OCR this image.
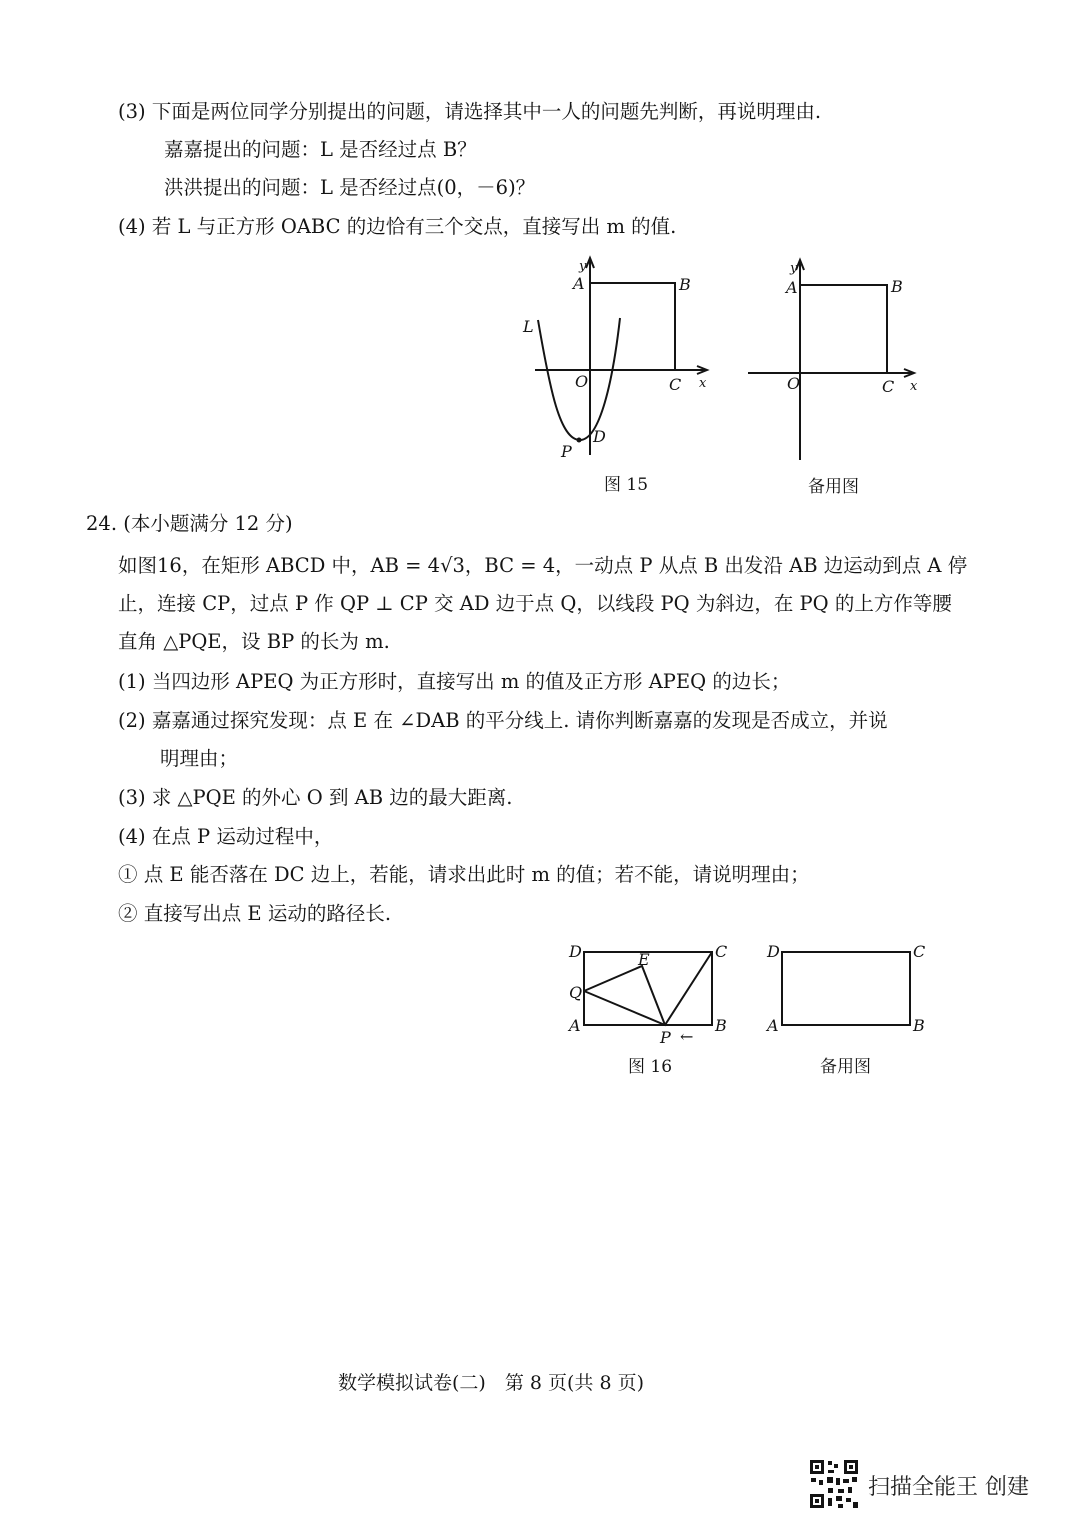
(3) 下面是两位同学分别提出的问题，请选择其中一人的问题先判断，再说明理由.
嘉嘉提出的问题：L 是否经过点 B？
洪洪提出的问题：L 是否经过点(0，－6)？
(4) 若 L 与正方形 OABC 的边恰有三个交点，直接写出 m 的值.
A
y
B
L
O	C x
D
P
图 15
A
y
B
O	C x
备用图
24. (本小题满分 12 分)
如图16，在矩形 ABCD 中，AB = 4√3，BC = 4，一动点 P 从点 B 出发沿 AB 边运动到点 A 停
止，连接 CP，过点 P 作 QP ⊥ CP 交 AD 边于点 Q，以线段 PQ 为斜边，在 PQ 的上方作等腰
直角 △PQE，设 BP 的长为 m.
(1) 当四边形 APEQ 为正方形时，直接写出 m 的值及正方形 APEQ 的边长；
(2) 嘉嘉通过探究发现：点 E 在 ∠DAB 的平分线上. 请你判断嘉嘉的发现是否成立，并说
明理由；
(3) 求 △PQE 的外心 O 到 AB 边的最大距离.
(4) 在点 P 运动过程中，
① 点 E 能否落在 DC 边上，若能，请求出此时 m 的值；若不能，请说明理由；
② 直接写出点 E 运动的路径长.
D	C
E
Q
A
P ←
B
图 16
D	C
A	B
备用图
数学模拟试卷(二)　第 8 页(共 8 页)
扫描全能王 创建
